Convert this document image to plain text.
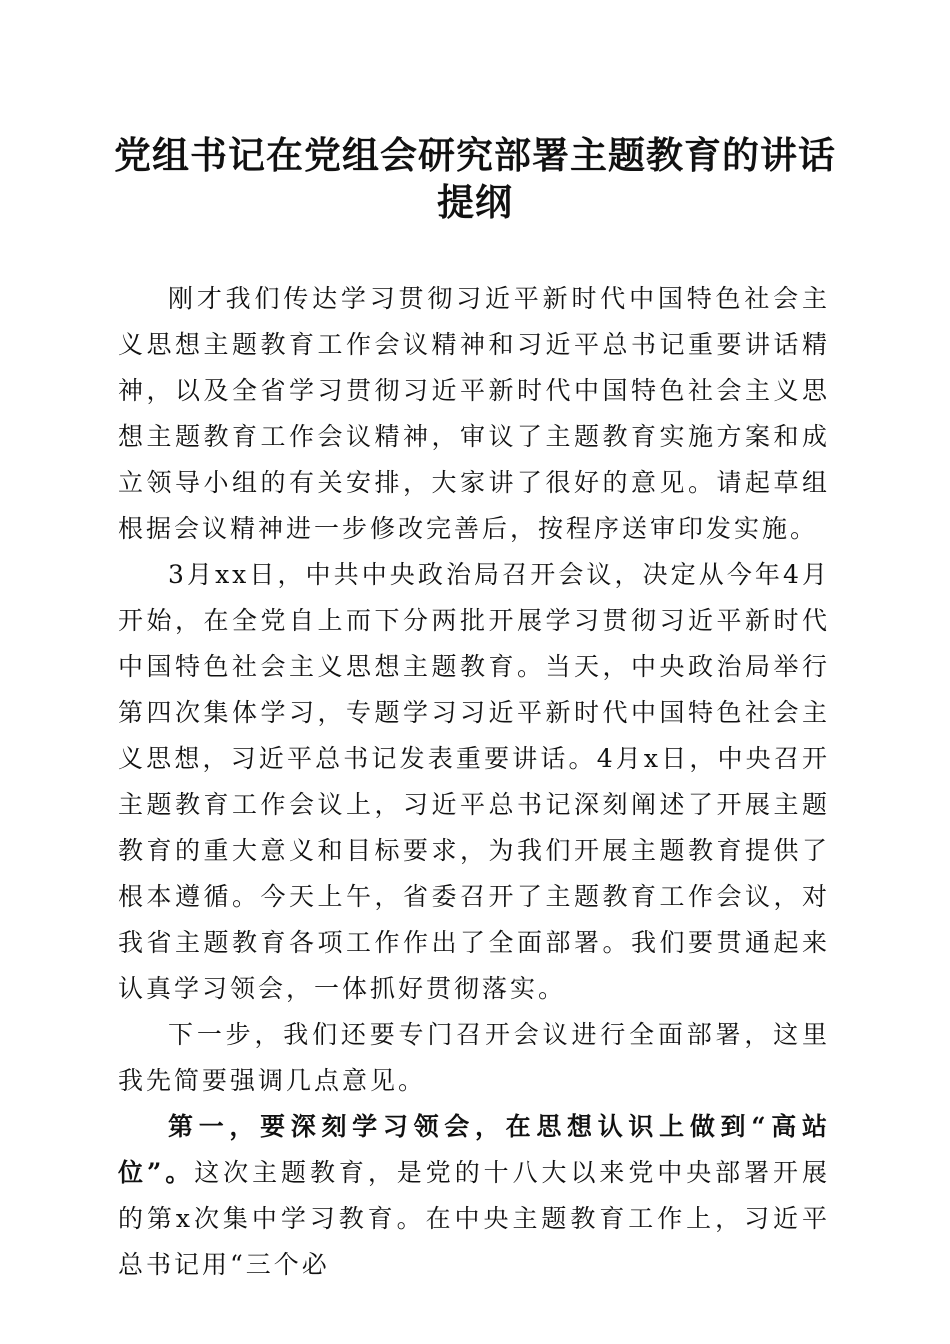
党组书记在党组会研究部署主题教育的讲话提纲

刚才我们传达学习贯彻习近平新时代中国特色社会主义思想主题教育工作会议精神和习近平总书记重要讲话精神，以及全省学习贯彻习近平新时代中国特色社会主义思想主题教育工作会议精神，审议了主题教育实施方案和成立领导小组的有关安排，大家讲了很好的意见。请起草组根据会议精神进一步修改完善后，按程序送审印发实施。

3月xx日，中共中央政治局召开会议，决定从今年4月开始，在全党自上而下分两批开展学习贯彻习近平新时代中国特色社会主义思想主题教育。当天，中央政治局举行第四次集体学习，专题学习习近平新时代中国特色社会主义思想，习近平总书记发表重要讲话。4月x日，中央召开主题教育工作会议上，习近平总书记深刻阐述了开展主题教育的重大意义和目标要求，为我们开展主题教育提供了根本遵循。今天上午，省委召开了主题教育工作会议，对我省主题教育各项工作作出了全面部署。我们要贯通起来认真学习领会，一体抓好贯彻落实。

下一步，我们还要专门召开会议进行全面部署，这里我先简要强调几点意见。

第一，要深刻学习领会，在思想认识上做到“高站位”。这次主题教育，是党的十八大以来党中央部署开展的第x次集中学习教育。在中央主题教育工作上，习近平总书记用“三个必
